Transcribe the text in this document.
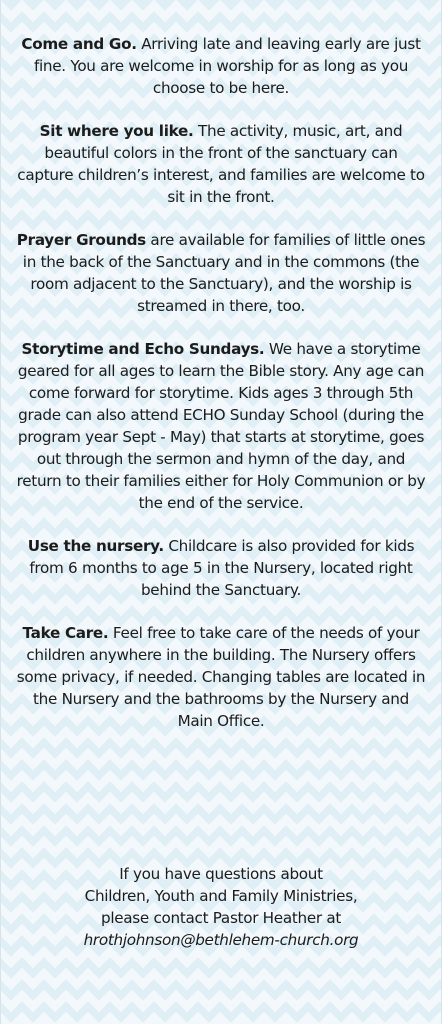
Come and Go. Arriving late and leaving early are just fine. You are welcome in worship for as long as you choose to be here.

Sit where you like. The activity, music, art, and beautiful colors in the front of the sanctuary can capture children’s interest, and families are welcome to sit in the front.

Prayer Grounds are available for families of little ones in the back of the Sanctuary and in the commons (the room adjacent to the Sanctuary), and the worship is streamed in there, too.

Storytime and Echo Sundays. We have a storytime geared for all ages to learn the Bible story. Any age can come forward for storytime. Kids ages 3 through 5th grade can also attend ECHO Sunday School (during the program year Sept - May) that starts at storytime, goes out through the sermon and hymn of the day, and return to their families either for Holy Communion or by the end of the service.

Use the nursery. Childcare is also provided for kids from 6 months to age 5 in the Nursery, located right behind the Sanctuary.

Take Care. Feel free to take care of the needs of your children anywhere in the building. The Nursery offers some privacy, if needed. Changing tables are located in the Nursery and the bathrooms by the Nursery and Main Office.

If you have questions about
Children, Youth and Family Ministries,
please contact Pastor Heather at
hrothjohnson@bethlehem-church.org
